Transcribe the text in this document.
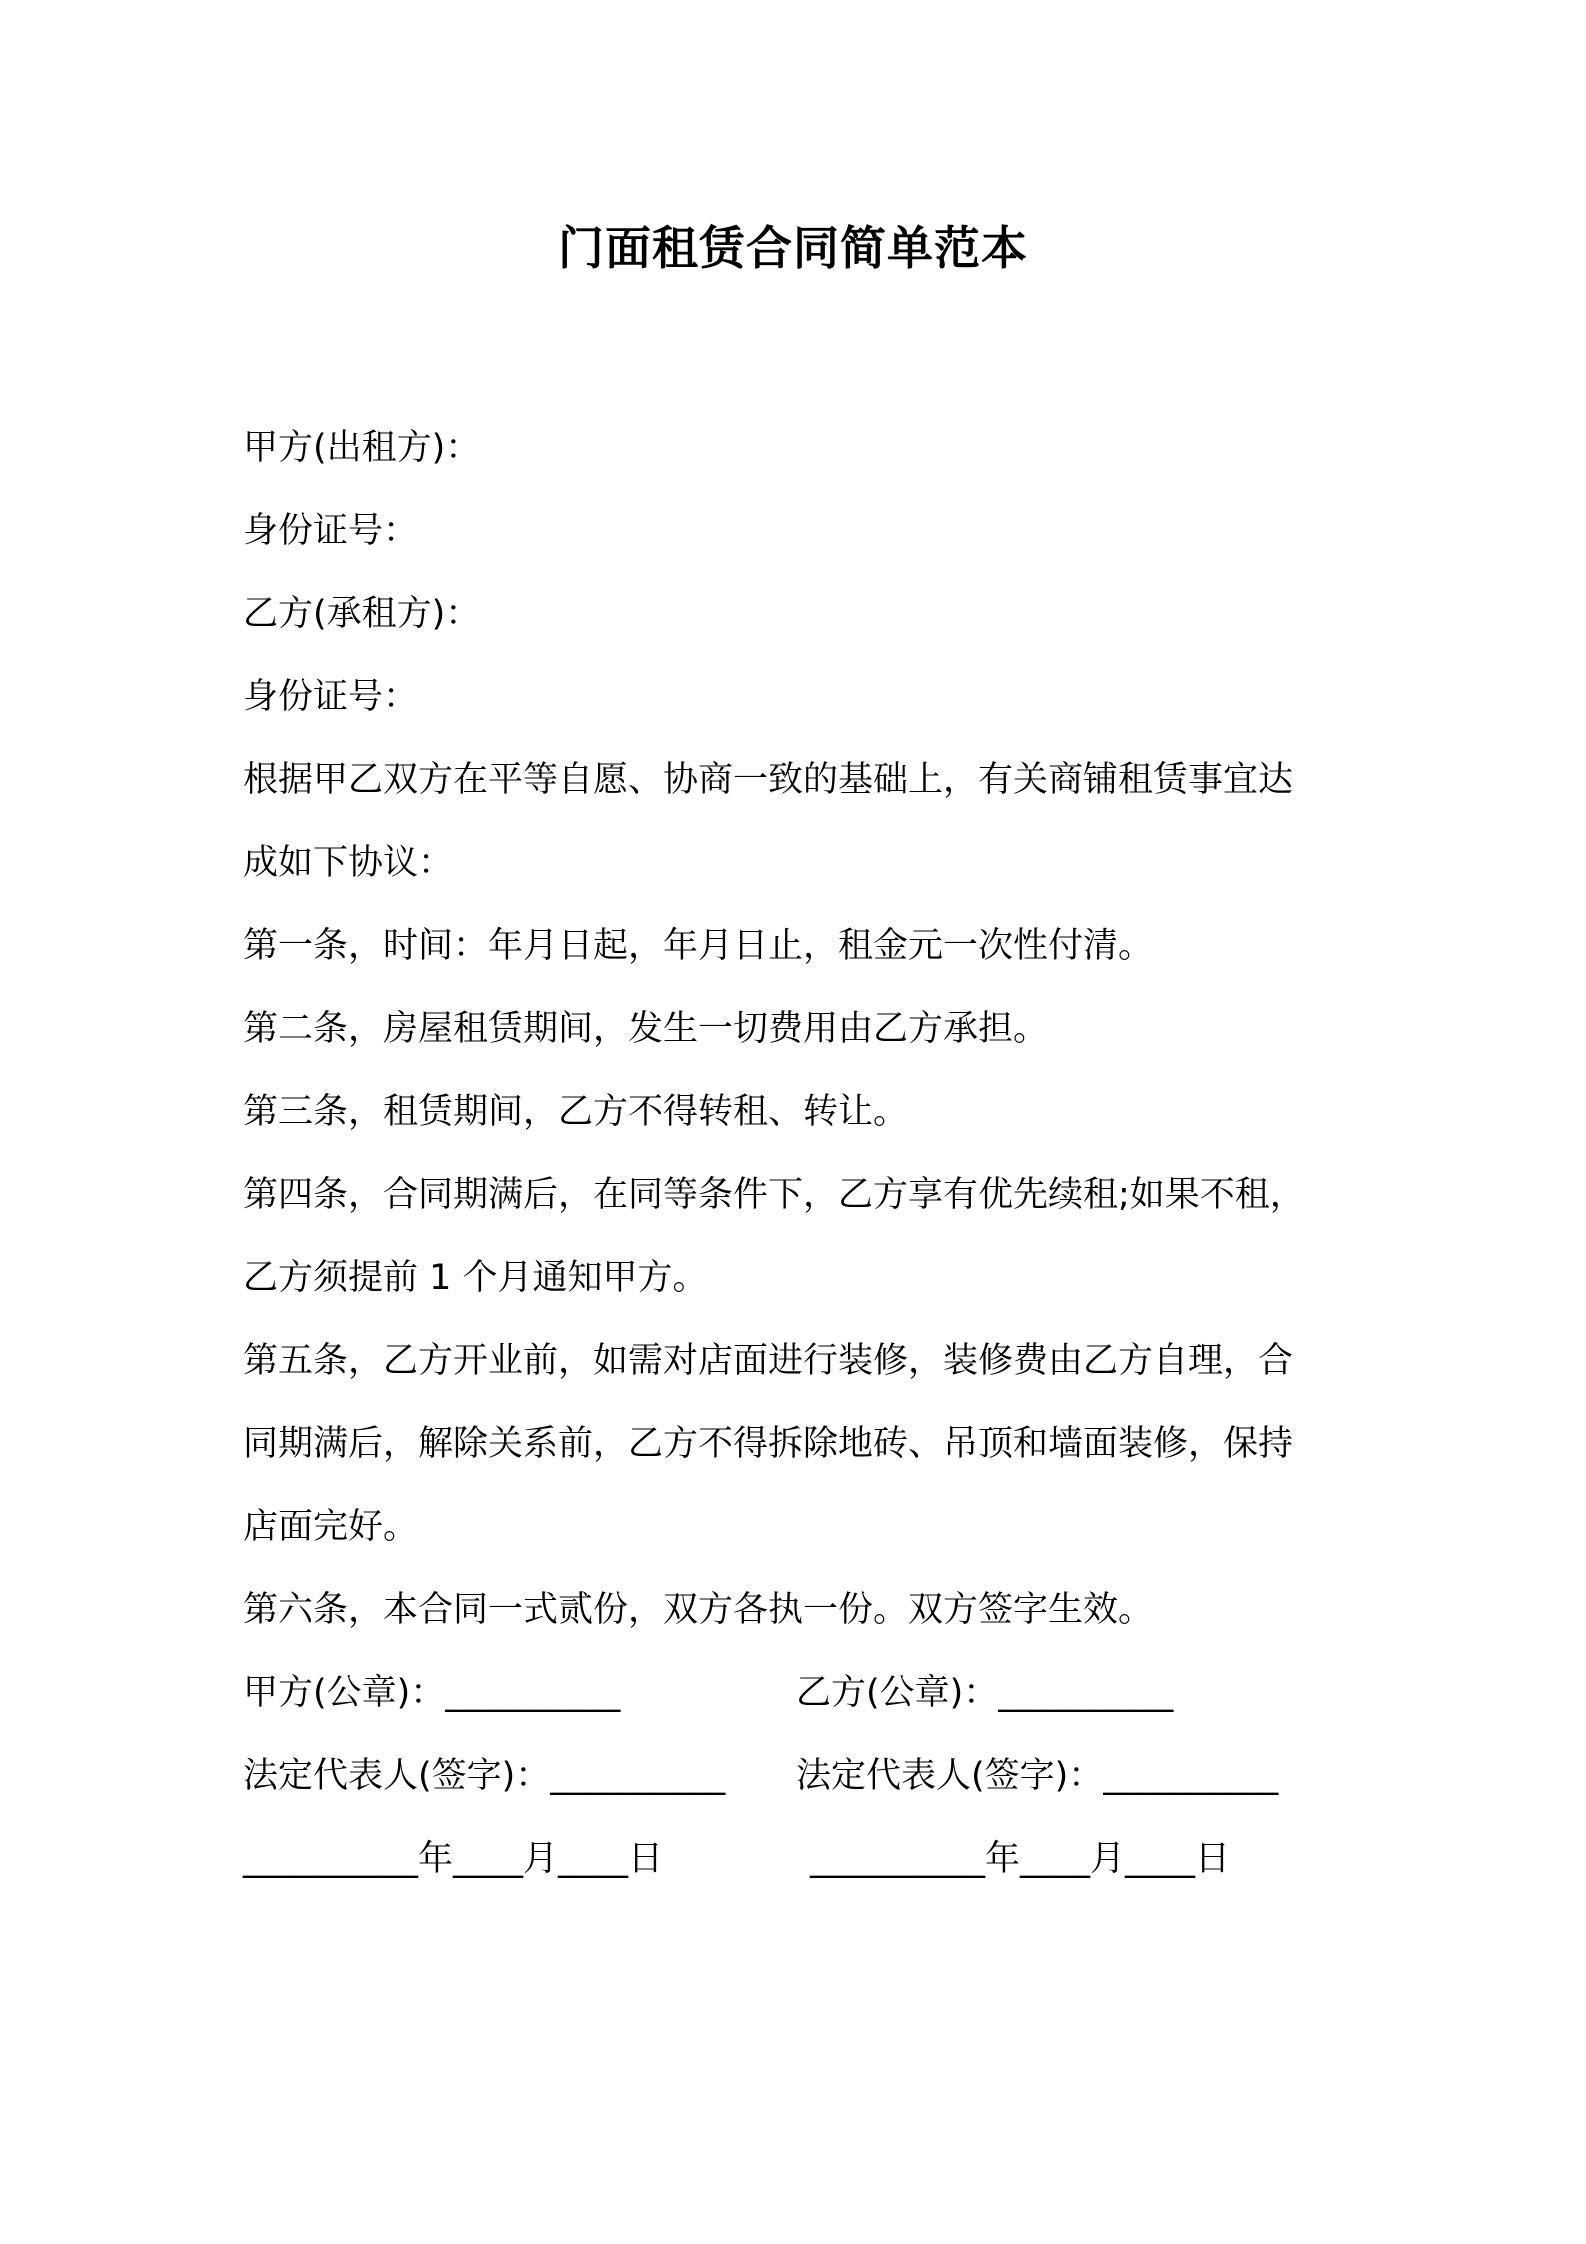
门面租赁合同简单范本
甲方(出租方)：
身份证号：
乙方(承租方)：
身份证号：
根据甲乙双方在平等自愿、协商一致的基础上，有关商铺租赁事宜达
成如下协议：
第一条，时间：年月日起，年月日止，租金元一次性付清。
第二条，房屋租赁期间，发生一切费用由乙方承担。
第三条，租赁期间，乙方不得转租、转让。
第四条，合同期满后，在同等条件下，乙方享有优先续租;如果不租，
乙方须提前 1 个月通知甲方。
第五条，乙方开业前，如需对店面进行装修，装修费由乙方自理，合
同期满后，解除关系前，乙方不得拆除地砖、吊顶和墙面装修，保持
店面完好。
第六条，本合同一式贰份，双方各执一份。双方签字生效。
甲方(公章)：__________	乙方(公章)：__________
法定代表人(签字)：__________ 法定代表人(签字)：__________
__________年____月____日	__________年____月____日
